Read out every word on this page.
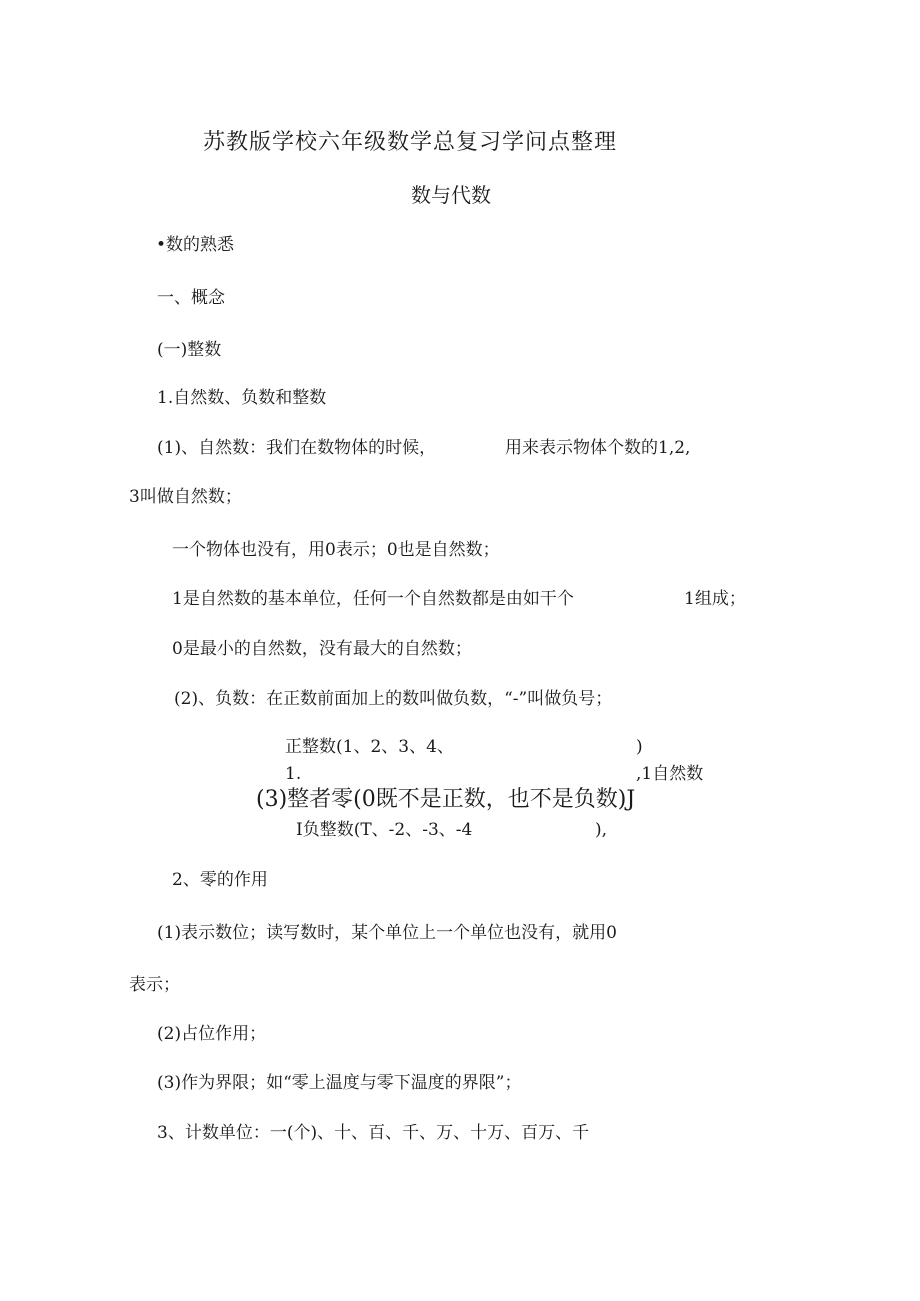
苏教版学校六年级数学总复习学问点整理
数与代数
•数的熟悉
一、概念
(一)整数
1.自然数、负数和整数
(1)、自然数：我们在数物体的时候，	用来表示物体个数的1,2,
3叫做自然数；
一个物体也没有，用0表示；0也是自然数；
1是自然数的基本单位，任何一个自然数都是由如干个	1组成；
0是最小的自然数，没有最大的自然数；
(2)、负数：在正数前面加上的数叫做负数，“-”叫做负号；
正整数(1、2、3、4、	)
1.	,1自然数
(3)整者零(0既不是正数，也不是负数)J
I负整数(T、-2、-3、-4	),
2、零的作用
(1)表示数位；读写数时，某个单位上一个单位也没有，就用0
表示；
(2)占位作用；
(3)作为界限；如“零上温度与零下温度的界限”；
3、计数单位：一(个)、十、百、千、万、十万、百万、千
